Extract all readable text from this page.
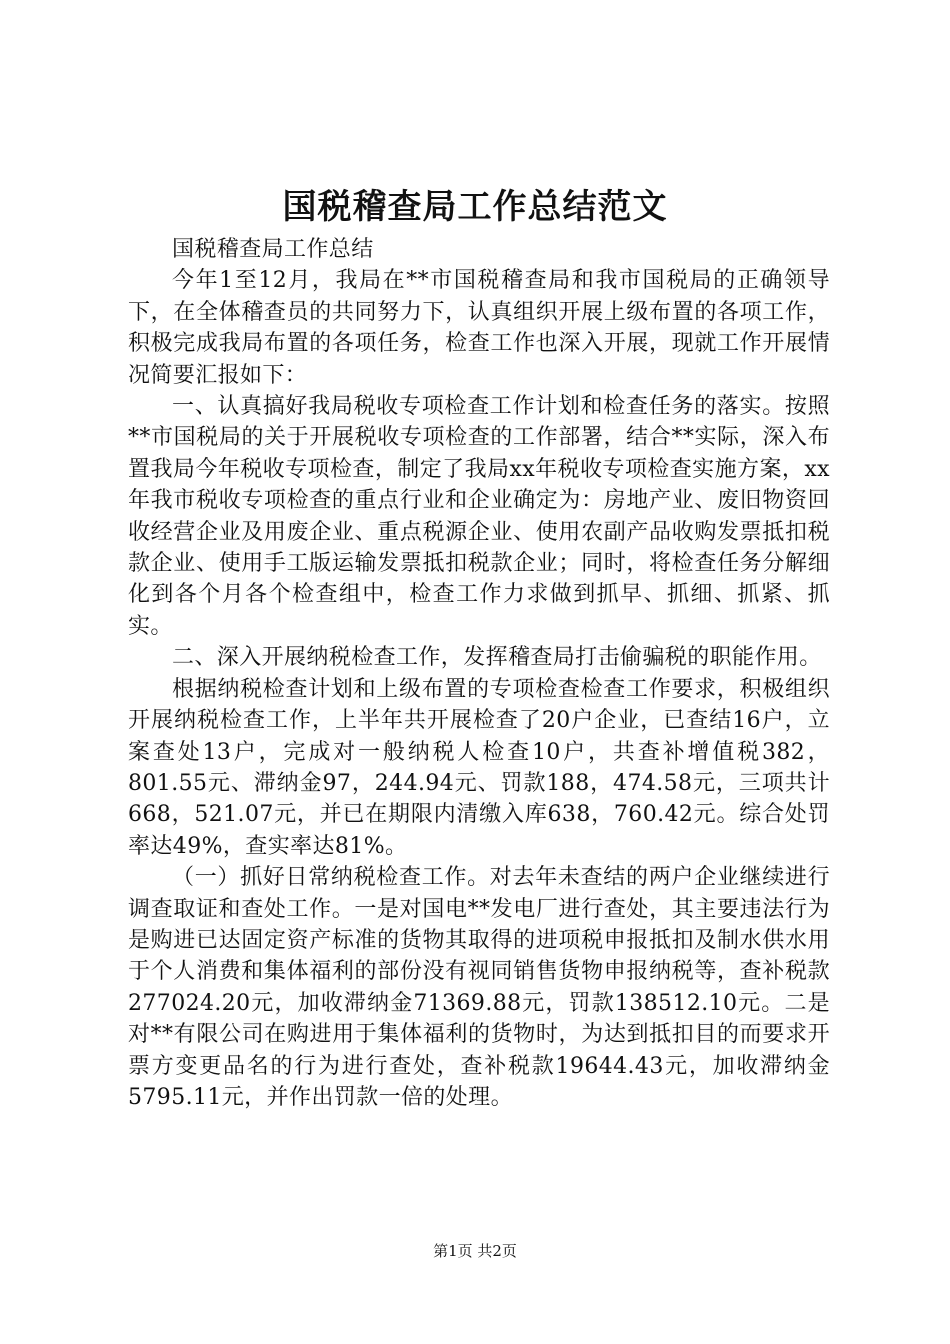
国税稽查局工作总结范文

国税稽查局工作总结

今年1至12月，我局在**市国税稽查局和我市国税局的正确领导下，在全体稽查员的共同努力下，认真组织开展上级布置的各项工作，积极完成我局布置的各项任务，检查工作也深入开展，现就工作开展情况简要汇报如下：

一、认真搞好我局税收专项检查工作计划和检查任务的落实。按照**市国税局的关于开展税收专项检查的工作部署，结合**实际，深入布置我局今年税收专项检查，制定了我局xx年税收专项检查实施方案，xx年我市税收专项检查的重点行业和企业确定为：房地产业、废旧物资回收经营企业及用废企业、重点税源企业、使用农副产品收购发票抵扣税款企业、使用手工版运输发票抵扣税款企业；同时，将检查任务分解细化到各个月各个检查组中，检查工作力求做到抓早、抓细、抓紧、抓实。

二、深入开展纳税检查工作，发挥稽查局打击偷骗税的职能作用。

根据纳税检查计划和上级布置的专项检查检查工作要求，积极组织开展纳税检查工作，上半年共开展检查了20户企业，已查结16户，立案查处13户，完成对一般纳税人检查10户，共查补增值税382，801.55元、滞纳金97，244.94元、罚款188，474.58元，三项共计668，521.07元，并已在期限内清缴入库638，760.42元。综合处罚率达49%，查实率达81%。

（一）抓好日常纳税检查工作。对去年未查结的两户企业继续进行调查取证和查处工作。一是对国电**发电厂进行查处，其主要违法行为是购进已达固定资产标准的货物其取得的进项税申报抵扣及制水供水用于个人消费和集体福利的部份没有视同销售货物申报纳税等，查补税款277024.20元，加收滞纳金71369.88元，罚款138512.10元。二是对**有限公司在购进用于集体福利的货物时，为达到抵扣目的而要求开票方变更品名的行为进行查处，查补税款19644.43元，加收滞纳金5795.11元，并作出罚款一倍的处理。

第1页 共2页
